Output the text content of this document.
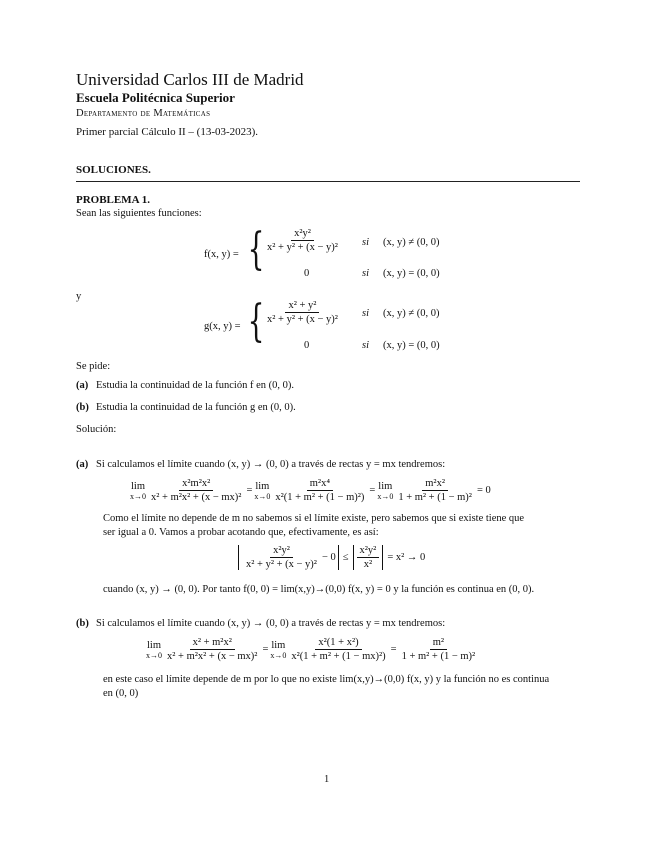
Universidad Carlos III de Madrid
Escuela Politécnica Superior
Departamento de Matemáticas
Primer parcial Cálculo II – (13-03-2023).
SOLUCIONES.
PROBLEMA 1.
Sean las siguientes funciones:
f(x, y) = { $\frac{\text{x²y²}}{\text{x² + y² + (x − y)²}}$ si (x, y) ≠ (0, 0)
0	si (x, y) = (0, 0)
y
g(x, y) = { $\frac{\text{x² + y²}}{\text{x² + y² + (x − y)²}}$ si (x, y) ≠ (0, 0)
0	si (x, y) = (0, 0)
Se pide:
(a) Estudia la continuidad de la función f en (0, 0).
(b) Estudia la continuidad de la función g en (0, 0).
Solución:
(a) Si calculamos el límite cuando (x, y) → (0, 0) a través de rectas y = mx tendremos:
lim
$x\to 0 \frac{\text{x²m²x²}}{\text{x² + m²x² + (x − mx)²}} = \lim$
$x\to 0 \frac{\text{m²x⁴}}{\text{x²(1 + m² + (1 − m)²)}} = \lim$
$x\to 0 \frac{\text{m²x²}}{\text{1 + m² + (1 − m)²}} = 0$
Como el límite no depende de m no sabemos si el límite existe, pero sabemos que si existe tiene que
ser igual a 0. Vamos a probar acotando que, efectivamente, es así:
$\frac{\text{x²y²}}{\text{x² + y² + (x − y)²}} - 0 \le \frac{\text{x²y²}}{\text{x²}} = x^2 \to 0$
cuando (x, y) → (0, 0). Por tanto f(0, 0) = lim(x,y)→(0,0) f(x, y) = 0 y la función es continua en (0, 0).
(b) Si calculamos el límite cuando (x, y) → (0, 0) a través de rectas y = mx tendremos:
lim
$x\to 0 \frac{\text{x² + m²x²}}{\text{x² + m²x² + (x − mx)²}} = \lim$
$x\to 0 \frac{\text{x²(1 + x²)}}{\text{x²(1 + m² + (1 − mx)²)}} = \frac{\text{m²}}{\text{1 + m² + (1 − m)²}}$
en este caso el límite depende de m por lo que no existe lim(x,y)→(0,0) f(x, y) y la función no es continua
en (0, 0)
1
